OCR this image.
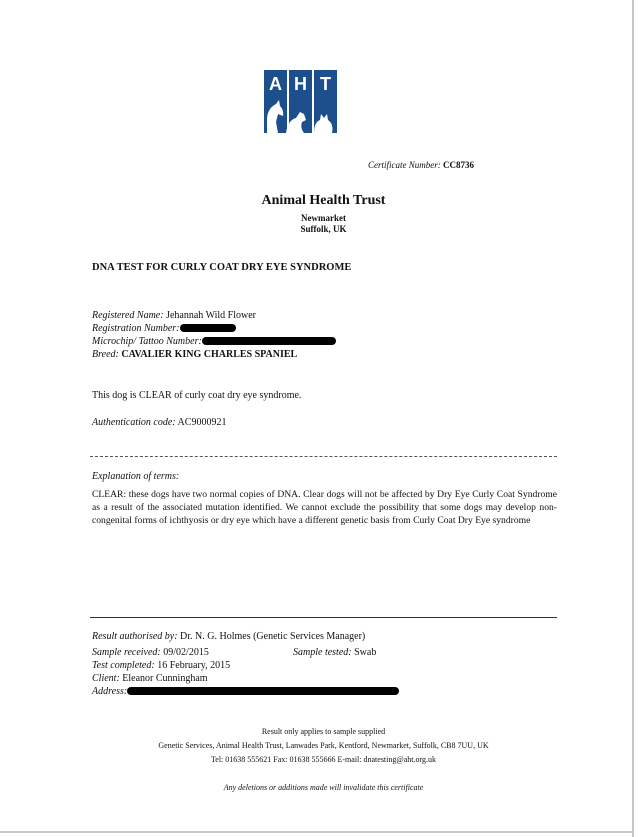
A H T
Certificate Number: CC8736
Animal Health Trust
Newmarket
Suffolk, UK
DNA TEST FOR CURLY COAT DRY EYE SYNDROME
Registered Name: Jehannah Wild Flower
Registration Number:
Microchip/ Tattoo Number:
Breed: CAVALIER KING CHARLES SPANIEL
This dog is CLEAR of curly coat dry eye syndrome.
Authentication code: AC9000921
Explanation of terms:
CLEAR: these dogs have two normal copies of DNA. Clear dogs will not be affected by Dry Eye Curly Coat Syndrome as a result of the associated mutation identified. We cannot exclude the possibility that some dogs may develop non-congenital forms of ichthyosis or dry eye which have a different genetic basis from Curly Coat Dry Eye syndrome
Result authorised by: Dr. N. G. Holmes (Genetic Services Manager)
Sample received: 09/02/2015	Sample tested: Swab
Test completed: 16 February, 2015
Client: Eleanor Cunningham
Address:
Result only applies to sample supplied
Genetic Services, Animal Health Trust, Lanwades Park, Kentford, Newmarket, Suffolk, CB8 7UU, UK
Tel: 01638 555621 Fax: 01638 555666 E-mail: dnatesting@aht.org.uk
Any deletions or additions made will invalidate this certificate
